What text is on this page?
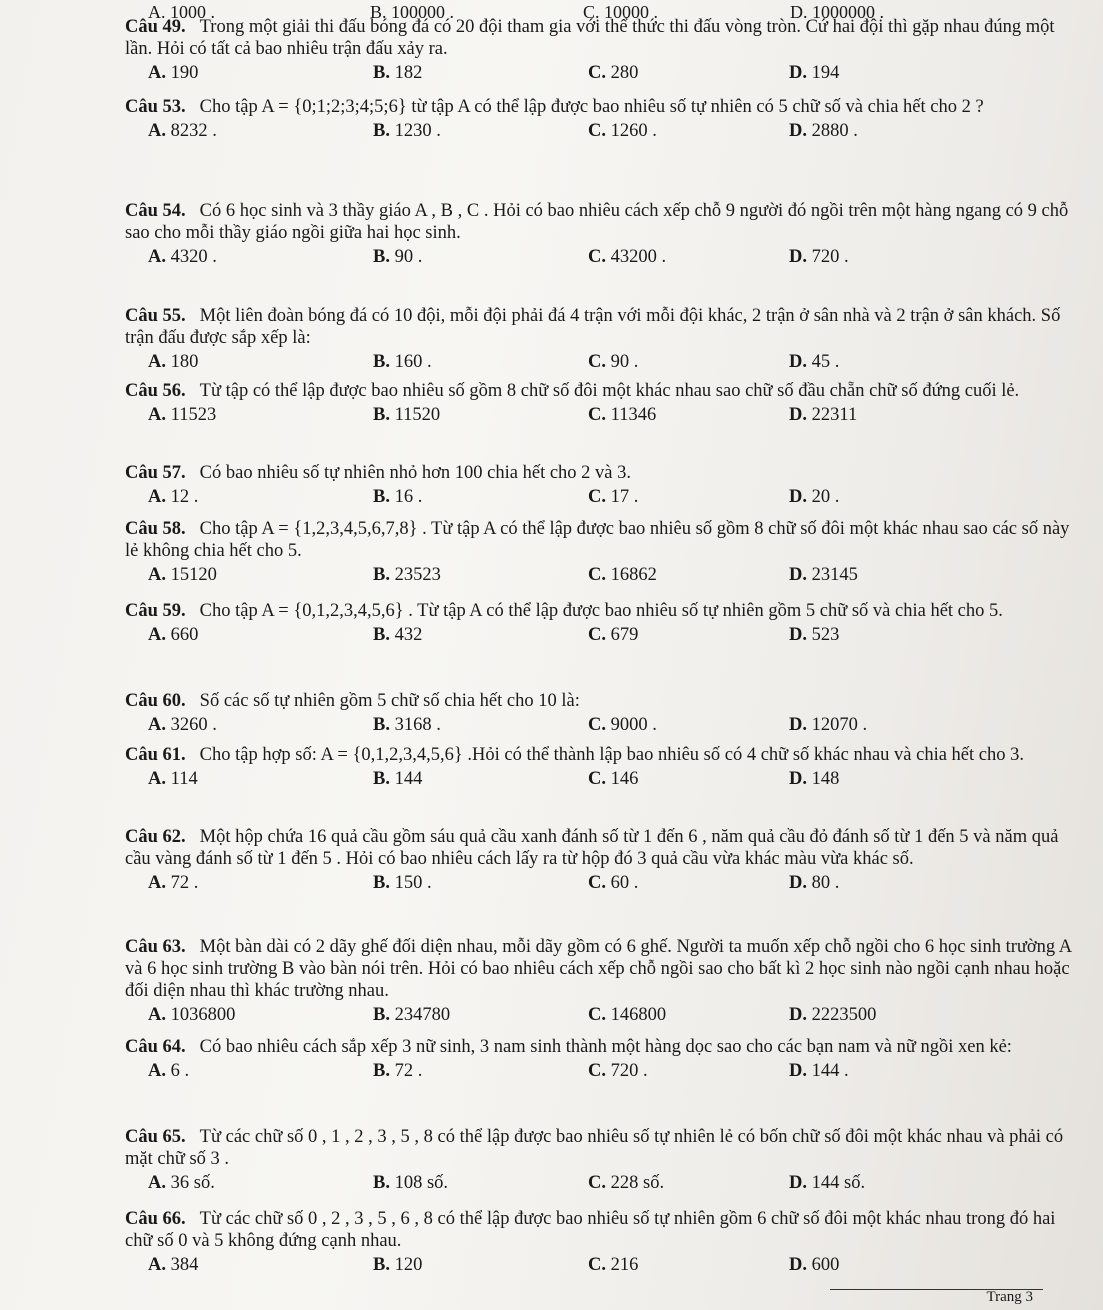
A. 1000 .	B. 100000 .	C. 10000 .	D. 1000000 .

Câu 49. Trong một giải thi đấu bóng đá có 20 đội tham gia với thể thức thi đấu vòng tròn. Cứ hai đội thì gặp nhau đúng một lần. Hỏi có tất cả bao nhiêu trận đấu xảy ra.

A. 190	B. 182	C. 280	D. 194

Câu 53. Cho tập A = {0;1;2;3;4;5;6} từ tập A có thể lập được bao nhiêu số tự nhiên có 5 chữ số và chia hết cho 2 ?

A. 8232 .	B. 1230 .	C. 1260 .	D. 2880 .

Câu 54. Có 6 học sinh và 3 thầy giáo A , B , C . Hỏi có bao nhiêu cách xếp chỗ 9 người đó ngồi trên một hàng ngang có 9 chỗ sao cho mỗi thầy giáo ngồi giữa hai học sinh.

A. 4320 .	B. 90 .	C. 43200 .	D. 720 .

Câu 55. Một liên đoàn bóng đá có 10 đội, mỗi đội phải đá 4 trận với mỗi đội khác, 2 trận ở sân nhà và 2 trận ở sân khách. Số trận đấu được sắp xếp là:

A. 180	B. 160 .	C. 90 .	D. 45 .

Câu 56. Từ tập có thể lập được bao nhiêu số gồm 8 chữ số đôi một khác nhau sao chữ số đầu chẵn chữ số đứng cuối lẻ.

A. 11523	B. 11520	C. 11346	D. 22311

Câu 57. Có bao nhiêu số tự nhiên nhỏ hơn 100 chia hết cho 2 và 3.

A. 12 .	B. 16 .	C. 17 .	D. 20 .

Câu 58. Cho tập A = {1,2,3,4,5,6,7,8} . Từ tập A có thể lập được bao nhiêu số gồm 8 chữ số đôi một khác nhau sao các số này lẻ không chia hết cho 5.

A. 15120	B. 23523	C. 16862	D. 23145

Câu 59. Cho tập A = {0,1,2,3,4,5,6} . Từ tập A có thể lập được bao nhiêu số tự nhiên gồm 5 chữ số và chia hết cho 5.

A. 660	B. 432	C. 679	D. 523

Câu 60. Số các số tự nhiên gồm 5 chữ số chia hết cho 10 là:

A. 3260 .	B. 3168 .	C. 9000 .	D. 12070 .

Câu 61. Cho tập hợp số: A = {0,1,2,3,4,5,6} .Hỏi có thể thành lập bao nhiêu số có 4 chữ số khác nhau và chia hết cho 3.

A. 114	B. 144	C. 146	D. 148

Câu 62. Một hộp chứa 16 quả cầu gồm sáu quả cầu xanh đánh số từ 1 đến 6 , năm quả cầu đỏ đánh số từ 1 đến 5 và năm quả cầu vàng đánh số từ 1 đến 5 . Hỏi có bao nhiêu cách lấy ra từ hộp đó 3 quả cầu vừa khác màu vừa khác số.

A. 72 .	B. 150 .	C. 60 .	D. 80 .

Câu 63. Một bàn dài có 2 dãy ghế đối diện nhau, mỗi dãy gồm có 6 ghế. Người ta muốn xếp chỗ ngồi cho 6 học sinh trường A và 6 học sinh trường B vào bàn nói trên. Hỏi có bao nhiêu cách xếp chỗ ngồi sao cho bất kì 2 học sinh nào ngồi cạnh nhau hoặc đối diện nhau thì khác trường nhau.

A. 1036800	B. 234780	C. 146800	D. 2223500

Câu 64. Có bao nhiêu cách sắp xếp 3 nữ sinh, 3 nam sinh thành một hàng dọc sao cho các bạn nam và nữ ngồi xen kẻ:

A. 6 .	B. 72 .	C. 720 .	D. 144 .

Câu 65. Từ các chữ số 0 , 1 , 2 , 3 , 5 , 8 có thể lập được bao nhiêu số tự nhiên lẻ có bốn chữ số đôi một khác nhau và phải có mặt chữ số 3 .

A. 36 số.	B. 108 số.	C. 228 số.	D. 144 số.

Câu 66. Từ các chữ số 0 , 2 , 3 , 5 , 6 , 8 có thể lập được bao nhiêu số tự nhiên gồm 6 chữ số đôi một khác nhau trong đó hai chữ số 0 và 5 không đứng cạnh nhau.

A. 384	B. 120	C. 216	D. 600
Trang 3
